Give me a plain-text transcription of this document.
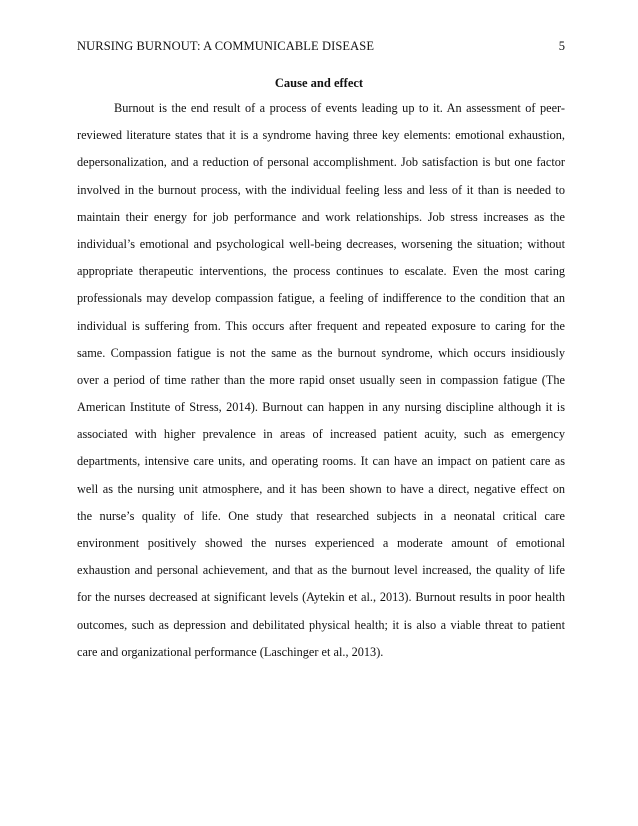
NURSING BURNOUT: A COMMUNICABLE DISEASE	5
Cause and effect
Burnout is the end result of a process of events leading up to it. An assessment of peer-
reviewed literature states that it is a syndrome having three key elements: emotional exhaustion,
depersonalization, and a reduction of personal accomplishment. Job satisfaction is but one factor
involved in the burnout process, with the individual feeling less and less of it than is needed to
maintain their energy for job performance and work relationships. Job stress increases as the
individual’s emotional and psychological well-being decreases, worsening the situation; without
appropriate therapeutic interventions, the process continues to escalate. Even the most caring
professionals may develop compassion fatigue, a feeling of indifference to the condition that an
individual is suffering from. This occurs after frequent and repeated exposure to caring for the
same. Compassion fatigue is not the same as the burnout syndrome, which occurs insidiously
over a period of time rather than the more rapid onset usually seen in compassion fatigue (The
American Institute of Stress, 2014). Burnout can happen in any nursing discipline although it is
associated with higher prevalence in areas of increased patient acuity, such as emergency
departments, intensive care units, and operating rooms. It can have an impact on patient care as
well as the nursing unit atmosphere, and it has been shown to have a direct, negative effect on
the nurse’s quality of life. One study that researched subjects in a neonatal critical care
environment positively showed the nurses experienced a moderate amount of emotional
exhaustion and personal achievement, and that as the burnout level increased, the quality of life
for the nurses decreased at significant levels (Aytekin et al., 2013). Burnout results in poor health
outcomes, such as depression and debilitated physical health; it is also a viable threat to patient
care and organizational performance (Laschinger et al., 2013).
